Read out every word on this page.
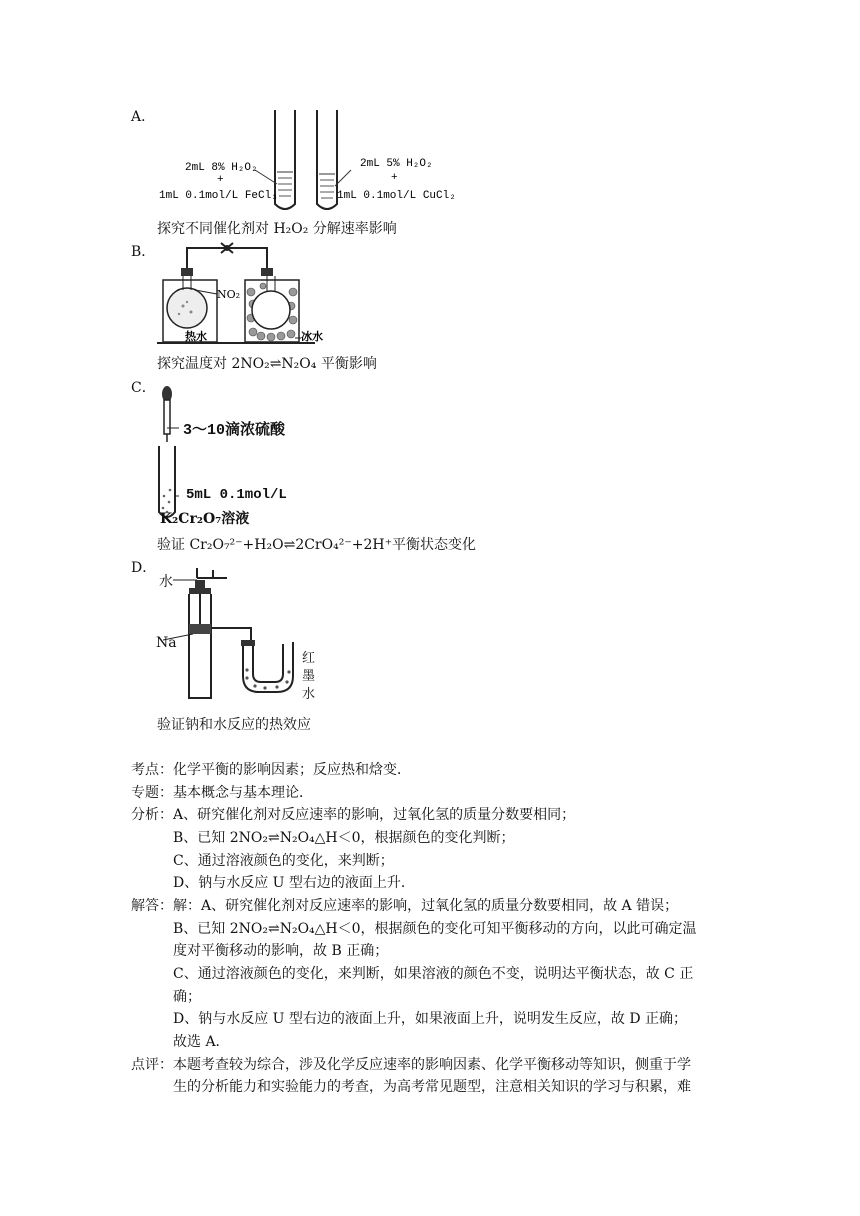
A．
2mL 8% H₂O₂
+
1mL 0.1mol/L FeCl₃
2mL 5% H₂O₂
+
1mL 0.1mol/L CuCl₂
探究不同催化剂对 H₂O₂ 分解速率影响
B．
NO₂
热水	冰水
探究温度对 2NO₂⇌N₂O₄ 平衡影响
C．
3～10滴浓硫酸
5mL 0.1mol/L
K₂Cr₂O₇溶液
验证 Cr₂O₇²⁻+H₂O⇌2CrO₄²⁻+2H⁺平衡状态变化
D．
水
Na
红
墨
水
验证钠和水反应的热效应
考点：化学平衡的影响因素；反应热和焓变．
专题：基本概念与基本理论．
分析：A、研究催化剂对反应速率的影响，过氧化氢的质量分数要相同；
B、已知 2NO₂⇌N₂O₄△H＜0，根据颜色的变化判断；
C、通过溶液颜色的变化，来判断；
D、钠与水反应 U 型右边的液面上升．
解答：解：A、研究催化剂对反应速率的影响，过氧化氢的质量分数要相同，故 A 错误；
B、已知 2NO₂⇌N₂O₄△H＜0，根据颜色的变化可知平衡移动的方向，以此可确定温
度对平衡移动的影响，故 B 正确；
C、通过溶液颜色的变化，来判断，如果溶液的颜色不变，说明达平衡状态，故 C 正
确；
D、钠与水反应 U 型右边的液面上升，如果液面上升，说明发生反应，故 D 正确；
故选 A．
点评：本题考查较为综合，涉及化学反应速率的影响因素、化学平衡移动等知识，侧重于学
生的分析能力和实验能力的考查，为高考常见题型，注意相关知识的学习与积累，难
